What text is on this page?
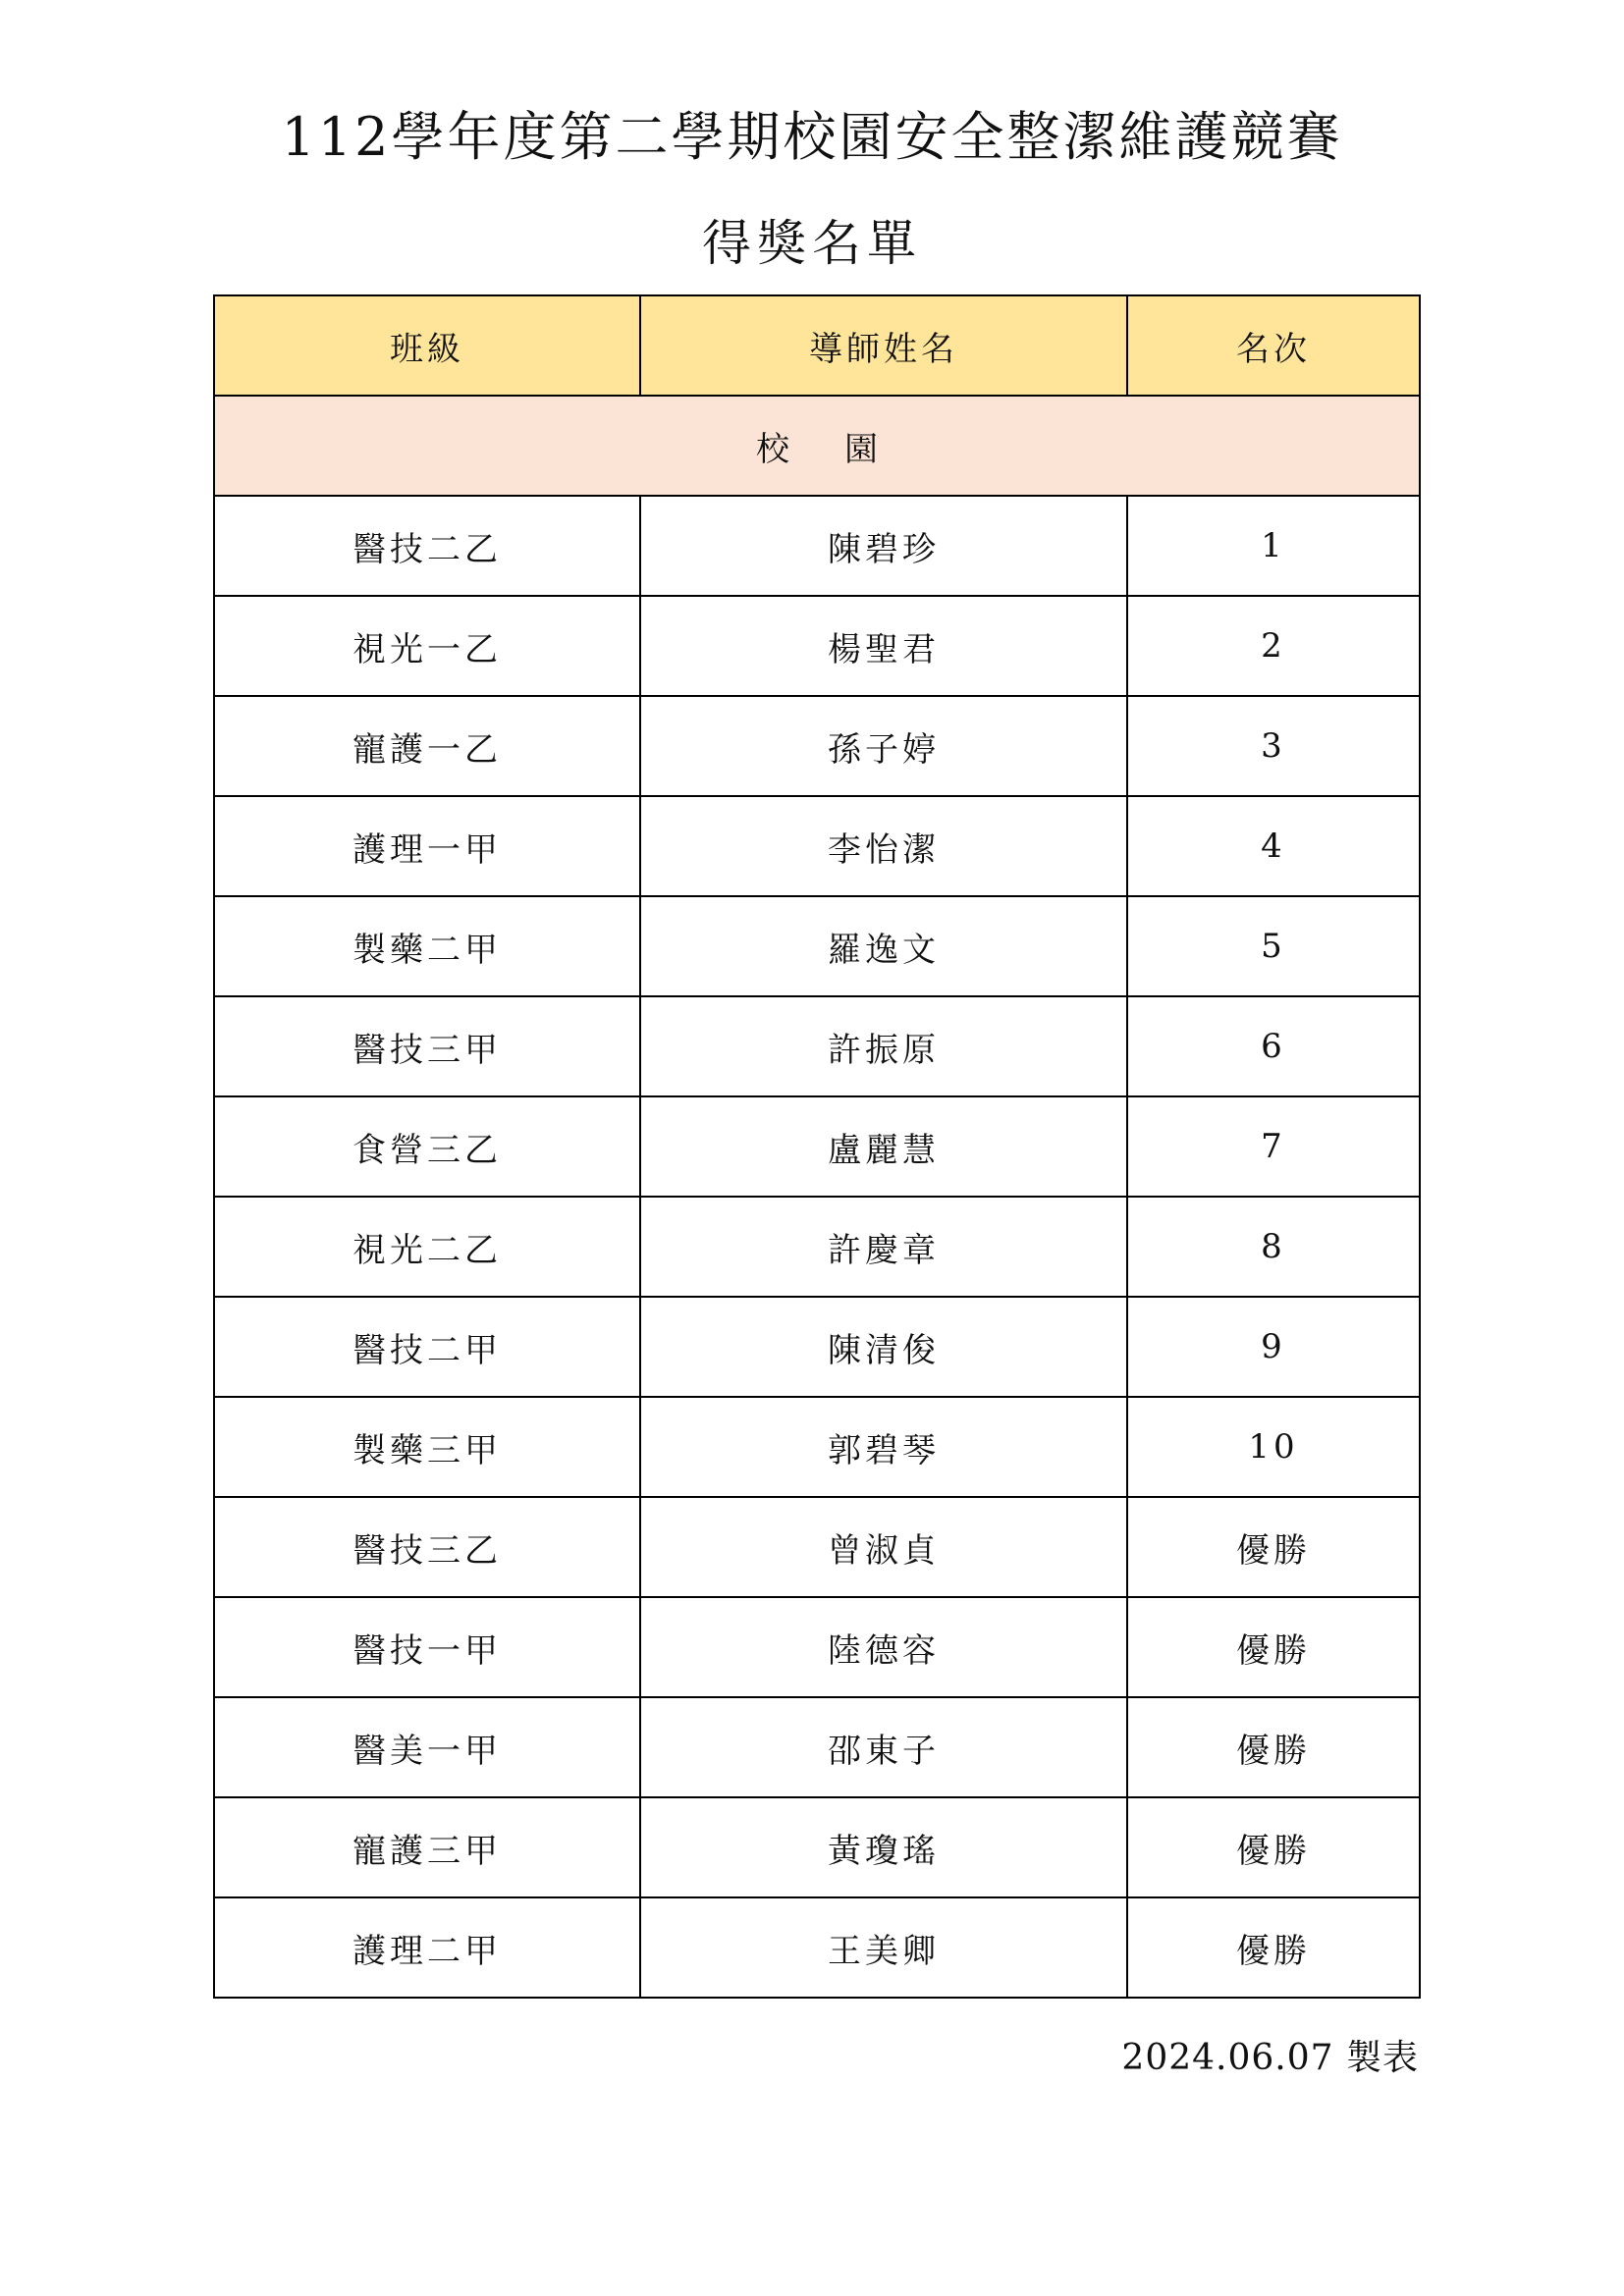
112學年度第二學期校園安全整潔維護競賽
得獎名單
班級	導師姓名	名次
校 園		
醫技二乙	陳碧珍	1
視光一乙	楊聖君	2
寵護一乙	孫子婷	3
護理一甲	李怡潔	4
製藥二甲	羅逸文	5
醫技三甲	許振原	6
食營三乙	盧麗慧	7
視光二乙	許慶章	8
醫技二甲	陳清俊	9
製藥三甲	郭碧琴	10
醫技三乙	曾淑貞	優勝
醫技一甲	陸德容	優勝
醫美一甲	邵東子	優勝
寵護三甲	黃瓊瑤	優勝
護理二甲	王美卿	優勝
2024.06.07 製表
